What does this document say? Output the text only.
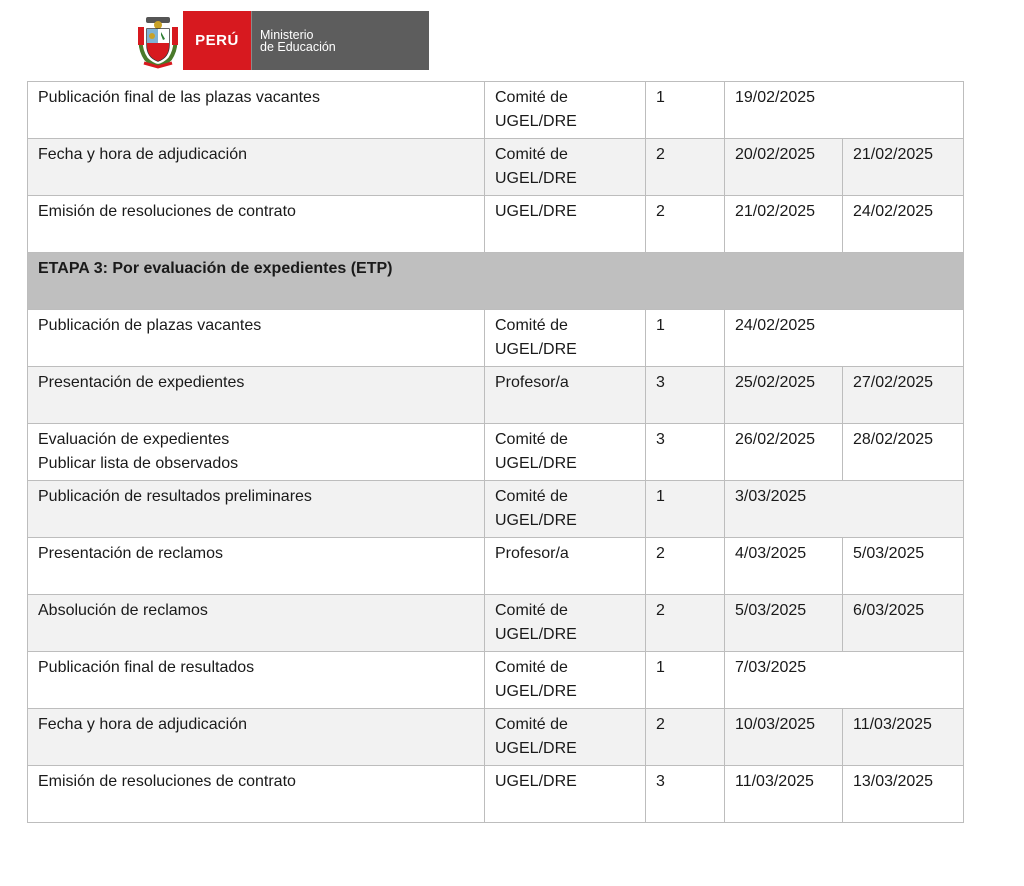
PERÚ Ministerio
de Educación
Publicación final de las plazas vacantes	Comité de
UGEL/DRE	1	19/02/2025	
Fecha y hora de adjudicación	Comité de
UGEL/DRE	2	20/02/2025	21/02/2025
Emisión de resoluciones de contrato	UGEL/DRE	2	21/02/2025	24/02/2025
ETAPA 3: Por evaluación de expedientes (ETP)				
Publicación de plazas vacantes	Comité de
UGEL/DRE	1	24/02/2025	
Presentación de expedientes	Profesor/a	3	25/02/2025	27/02/2025
Evaluación de expedientes
Publicar lista de observados	Comité de
UGEL/DRE	3	26/02/2025	28/02/2025
Publicación de resultados preliminares	Comité de
UGEL/DRE	1	3/03/2025	
Presentación de reclamos	Profesor/a	2	4/03/2025	5/03/2025
Absolución de reclamos	Comité de
UGEL/DRE	2	5/03/2025	6/03/2025
Publicación final de resultados	Comité de
UGEL/DRE	1	7/03/2025	
Fecha y hora de adjudicación	Comité de
UGEL/DRE	2	10/03/2025	11/03/2025
Emisión de resoluciones de contrato	UGEL/DRE	3	11/03/2025	13/03/2025
